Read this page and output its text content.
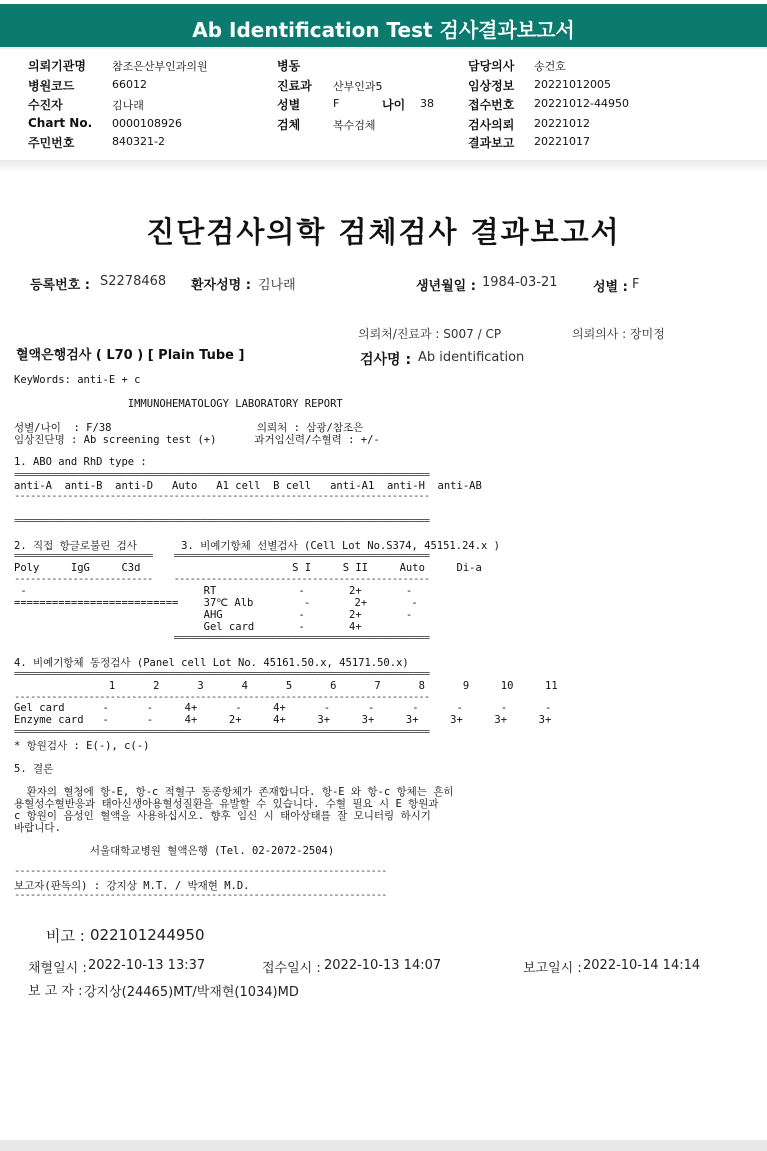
Ab Identification Test 검사결과보고서
의뢰기관명 참조은산부인과의원
병원코드	66012
수진자	김나래
Chart No. 0000108926
주민번호	840321-2
병동
진료과 산부인과5
성별	F	나이 38
검체	복수검체
담당의사 송건호
임상정보 20221012005
접수번호 20221012-44950
검사의뢰 20221012
결과보고 20221017
진단검사의학 검체검사 결과보고서
등록번호 : S2278468 환자성명 : 김나래	생년월일 : 1984-03-21	성별 : F
의뢰처/진료과 : S007 / CP	의뢰의사 : 장미정
혈액은행검사 ( L70 ) [ Plain Tube ]	검사명 : Ab identification
KeyWords: anti-E + c
IMMUNOHEMATOLOGY LABORATORY REPORT
성별/나이  : F/38                       의뢰처 : 삼광/참조은
임상진단명 : Ab screening test (+)      과거임신력/수혈력 : +/-
1. ABO and RhD type :
==============================================================================
anti-A  anti-B  anti-D   Auto   A1 cell  B cell   anti-A1  anti-H  anti-AB
------------------------------------------------------------------------------
==============================================================================
2. 직접 항글로불린 검사       3. 비예기항체 선별검사 (Cell Lot No.S374, 45151.24.x )
==========================    ================================================
Poly     IgG     C3d                        S I     S II     Auto     Di-a
--------------------------    ------------------------------------------------
-                            RT             -       2+       -
==========================    37℃ Alb        -       2+       -
AHG            -       2+       -
Gel card       -       4+
================================================
4. 비예기항체 동정검사 (Panel cell Lot No. 45161.50.x, 45171.50.x)
==============================================================================
1      2      3      4      5      6      7      8      9     10     11
------------------------------------------------------------------------------
Gel card      -      -     4+      -     4+      -      -      -      -      -      -
Enzyme card   -      -     4+     2+     4+     3+     3+     3+     3+     3+     3+
==============================================================================
* 항원검사 : E(-), c(-)
5. 결론
환자의 혈청에 항-E, 항-c 적혈구 동종항체가 존재합니다. 항-E 와 항-c 항체는 흔히
용혈성수혈반응과 태아신생아용혈성질환을 유발할 수 있습니다. 수혈 필요 시 E 항원과
c 항원이 음성인 혈액을 사용하십시오. 향후 임신 시 태아상태를 잘 모니터링 하시기
바랍니다.
서울대학교병원 혈액은행 (Tel. 02-2072-2504)
----------------------------------------------------------------------
보고자(판독의) : 강지상 M.T. / 박재현 M.D.
----------------------------------------------------------------------
비고 : 022101244950
채혈일시 : 2022-10-13 13:37	접수일시 : 2022-10-13 14:07	보고일시 : 2022-10-14 14:14
보 고 자 : 강지상(24465)MT/박재현(1034)MD
